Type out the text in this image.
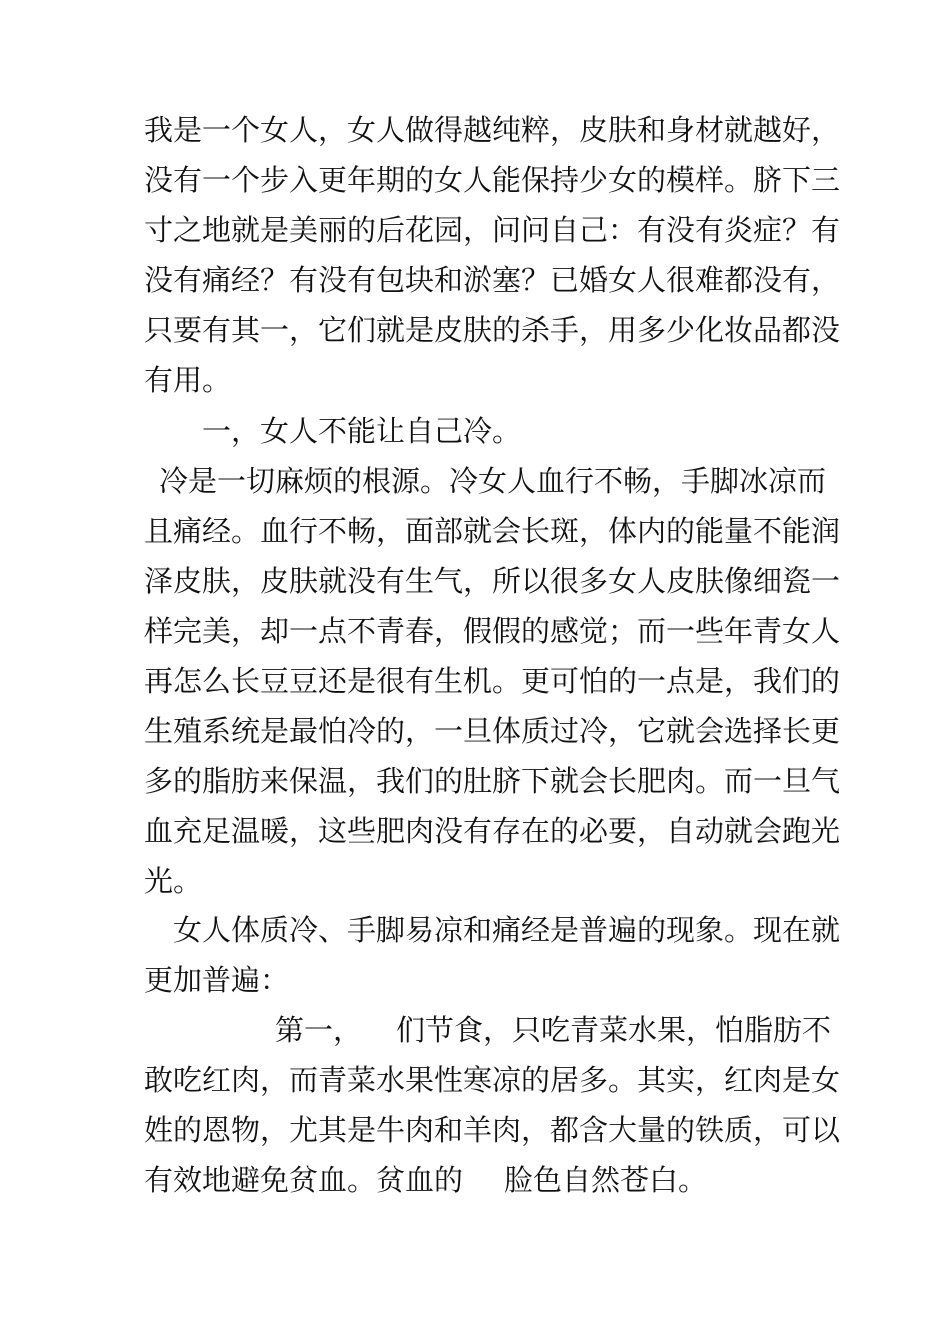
我是一个女人，女人做得越纯粹，皮肤和身材就越好，
没有一个步入更年期的女人能保持少女的模样。脐下三
寸之地就是美丽的后花园，问问自己：有没有炎症？有
没有痛经？有没有包块和淤塞？已婚女人很难都没有，
只要有其一，它们就是皮肤的杀手，用多少化妆品都没
有用。
一，女人不能让自己冷。
冷是一切麻烦的根源。冷女人血行不畅，手脚冰凉而
且痛经。血行不畅，面部就会长斑，体内的能量不能润
泽皮肤，皮肤就没有生气，所以很多女人皮肤像细瓷一
样完美，却一点不青春，假假的感觉；而一些年青女人
再怎么长豆豆还是很有生机。更可怕的一点是，我们的
生殖系统是最怕冷的，一旦体质过冷，它就会选择长更
多的脂肪来保温，我们的肚脐下就会长肥肉。而一旦气
血充足温暖，这些肥肉没有存在的必要，自动就会跑光
光。
女人体质冷、手脚易凉和痛经是普遍的现象。现在就
更加普遍：
第一， 们节食，只吃青菜水果，怕脂肪不
敢吃红肉，而青菜水果性寒凉的居多。其实，红肉是女
姓的恩物，尤其是牛肉和羊肉，都含大量的铁质，可以
有效地避免贫血。贫血的 脸色自然苍白。
